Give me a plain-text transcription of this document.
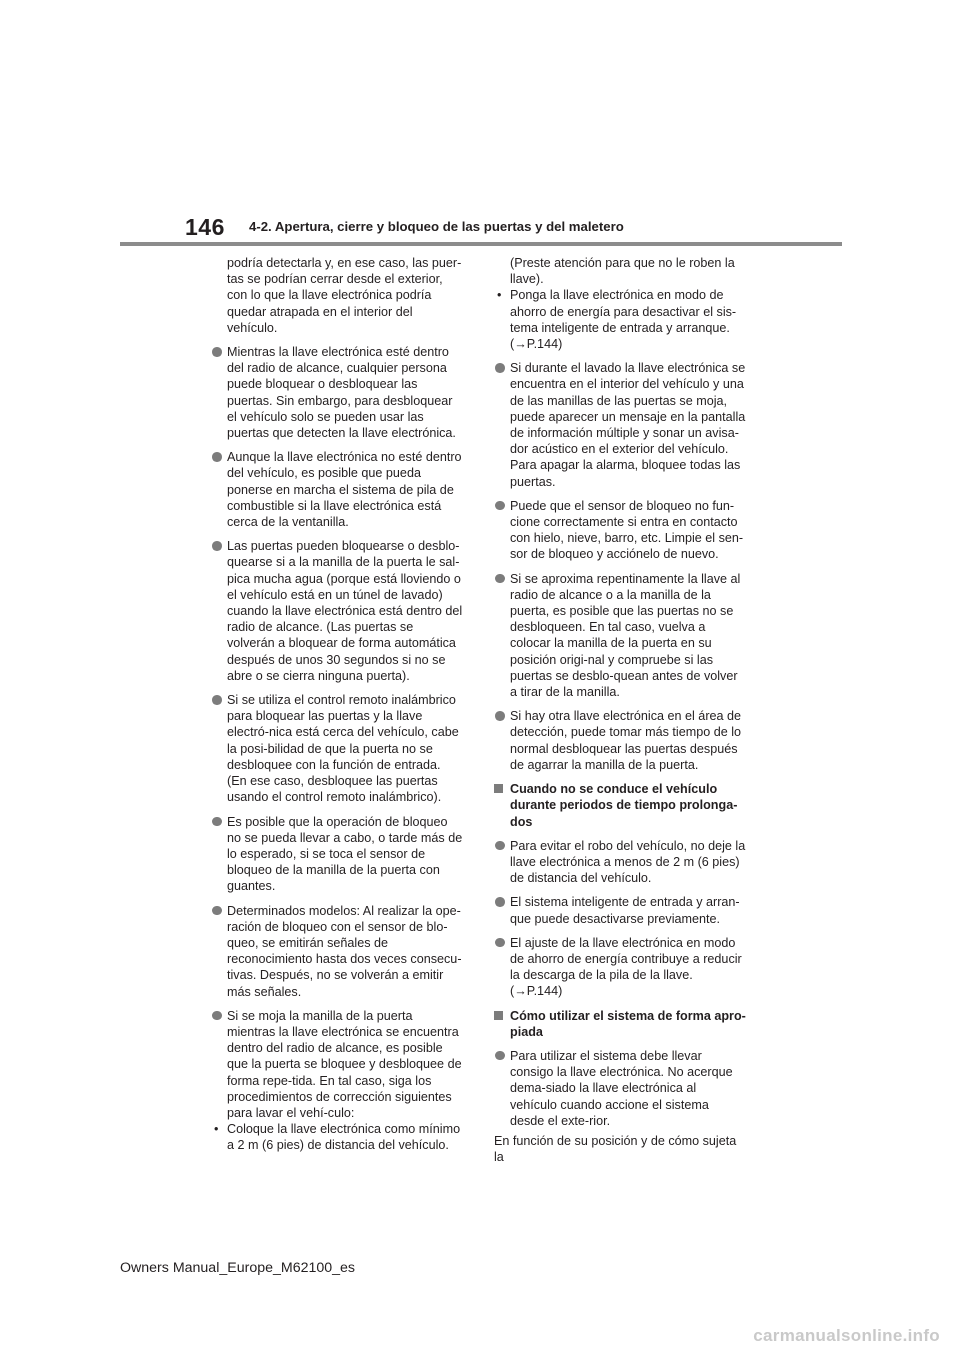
146 4-2. Apertura, cierre y bloqueo de las puertas y del maletero

podría detectarla y, en ese caso, las puer-tas se podrían cerrar desde el exterior, con lo que la llave electrónica podría quedar atrapada en el interior del vehículo.

Mientras la llave electrónica esté dentro del radio de alcance, cualquier persona puede bloquear o desbloquear las puertas. Sin embargo, para desbloquear el vehículo solo se pueden usar las puertas que detecten la llave electrónica.

Aunque la llave electrónica no esté dentro del vehículo, es posible que pueda ponerse en marcha el sistema de pila de combustible si la llave electrónica está cerca de la ventanilla.

Las puertas pueden bloquearse o desblo-quearse si a la manilla de la puerta le sal-pica mucha agua (porque está lloviendo o el vehículo está en un túnel de lavado) cuando la llave electrónica está dentro del radio de alcance. (Las puertas se volverán a bloquear de forma automática después de unos 30 segundos si no se abre o se cierra ninguna puerta).

Si se utiliza el control remoto inalámbrico para bloquear las puertas y la llave electró-nica está cerca del vehículo, cabe la posi-bilidad de que la puerta no se desbloquee con la función de entrada. (En ese caso, desbloquee las puertas usando el control remoto inalámbrico).

Es posible que la operación de bloqueo no se pueda llevar a cabo, o tarde más de lo esperado, si se toca el sensor de bloqueo de la manilla de la puerta con guantes.

Determinados modelos: Al realizar la ope-ración de bloqueo con el sensor de blo-queo, se emitirán señales de reconocimiento hasta dos veces consecu-tivas. Después, no se volverán a emitir más señales.

Si se moja la manilla de la puerta mientras la llave electrónica se encuentra dentro del radio de alcance, es posible que la puerta se bloquee y desbloquee de forma repe-tida. En tal caso, siga los procedimientos de corrección siguientes para lavar el vehí-culo:

• Coloque la llave electrónica como mínimo a 2 m (6 pies) de distancia del vehículo.

(Preste atención para que no le roben la llave).

• Ponga la llave electrónica en modo de ahorro de energía para desactivar el sis-tema inteligente de entrada y arranque. (→P.144)

Si durante el lavado la llave electrónica se encuentra en el interior del vehículo y una de las manillas de las puertas se moja, puede aparecer un mensaje en la pantalla de información múltiple y sonar un avisa-dor acústico en el exterior del vehículo. Para apagar la alarma, bloquee todas las puertas.

Puede que el sensor de bloqueo no fun-cione correctamente si entra en contacto con hielo, nieve, barro, etc. Limpie el sen-sor de bloqueo y acciónelo de nuevo.

Si se aproxima repentinamente la llave al radio de alcance o a la manilla de la puerta, es posible que las puertas no se desbloqueen. En tal caso, vuelva a colocar la manilla de la puerta en su posición origi-nal y compruebe si las puertas se desblo-quean antes de volver a tirar de la manilla.

Si hay otra llave electrónica en el área de detección, puede tomar más tiempo de lo normal desbloquear las puertas después de agarrar la manilla de la puerta.

Cuando no se conduce el vehículo durante periodos de tiempo prolonga-dos

Para evitar el robo del vehículo, no deje la llave electrónica a menos de 2 m (6 pies) de distancia del vehículo.

El sistema inteligente de entrada y arran-que puede desactivarse previamente.

El ajuste de la llave electrónica en modo de ahorro de energía contribuye a reducir la descarga de la pila de la llave. (→P.144)

Cómo utilizar el sistema de forma apro-piada

Para utilizar el sistema debe llevar consigo la llave electrónica. No acerque dema-siado la llave electrónica al vehículo cuando accione el sistema desde el exte-rior.

En función de su posición y de cómo sujeta la

Owners Manual_Europe_M62100_es
carmanualsonline.info
